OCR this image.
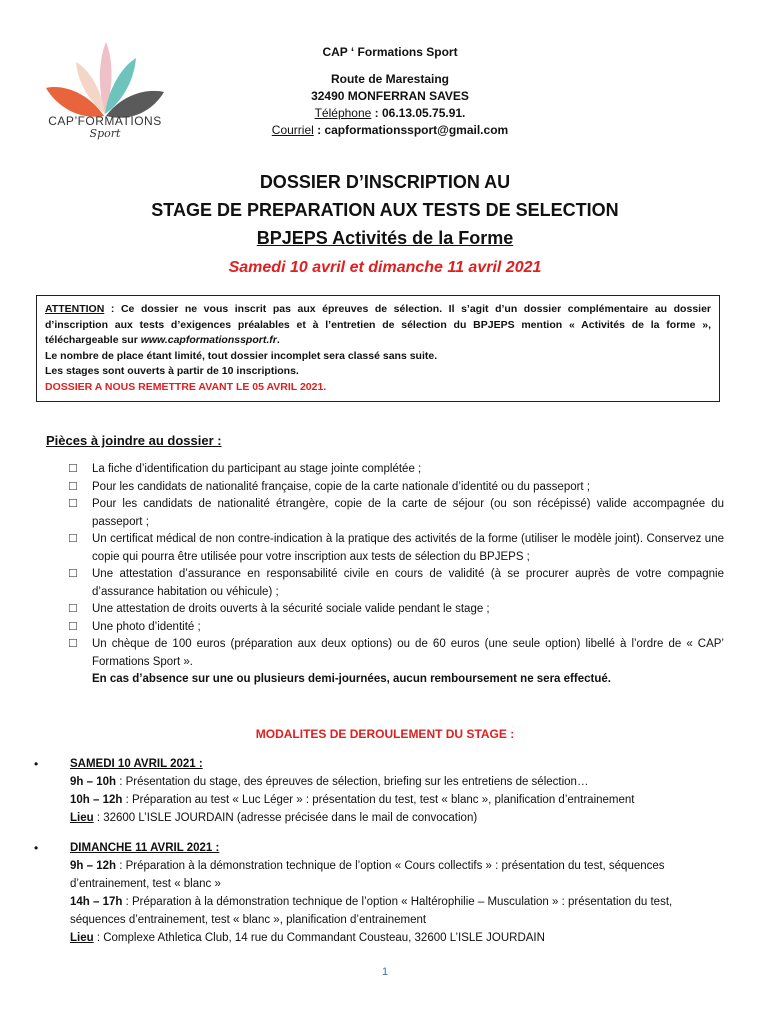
CAP’FORMATIONS
Sport
CAP ‘ Formations Sport
Route de Marestaing
32490 MONFERRAN SAVES
Téléphone : 06.13.05.75.91.
Courriel : capformationssport@gmail.com
DOSSIER D’INSCRIPTION AU
STAGE DE PREPARATION AUX TESTS DE SELECTION
BPJEPS Activités de la Forme
Samedi 10 avril et dimanche 11 avril 2021
ATTENTION : Ce dossier ne vous inscrit pas aux épreuves de sélection. Il s’agit d’un dossier complémentaire au dossier d’inscription aux tests d’exigences préalables et à l’entretien de sélection du BPJEPS mention « Activités de la forme », téléchargeable sur www.capformationssport.fr.
Le nombre de place étant limité, tout dossier incomplet sera classé sans suite.
Les stages sont ouverts à partir de 10 inscriptions.
DOSSIER A NOUS REMETTRE AVANT LE 05 AVRIL 2021.
Pièces à joindre au dossier :
☐	La fiche d’identification du participant au stage jointe complétée ;
☐	Pour les candidats de nationalité française, copie de la carte nationale d’identité ou du passeport ;
☐	Pour les candidats de nationalité étrangère, copie de la carte de séjour (ou son récépissé) valide accompagnée du passeport ;
☐	Un certificat médical de non contre-indication à la pratique des activités de la forme (utiliser le modèle joint). Conservez une copie qui pourra être utilisée pour votre inscription aux tests de sélection du BPJEPS ;
☐	Une attestation d’assurance en responsabilité civile en cours de validité (à se procurer auprès de votre compagnie d’assurance habitation ou véhicule) ;
☐	Une attestation de droits ouverts à la sécurité sociale valide pendant le stage ;
☐	Une photo d’identité ;
☐	Un chèque de 100 euros (préparation aux deux options) ou de 60 euros (une seule option) libellé à l’ordre de « CAP’ Formations Sport ».
En cas d’absence sur une ou plusieurs demi-journées, aucun remboursement ne sera effectué.
MODALITES DE DEROULEMENT DU STAGE :
•	SAMEDI 10 AVRIL 2021 :
9h – 10h : Présentation du stage, des épreuves de sélection, briefing sur les entretiens de sélection…
10h – 12h : Préparation au test « Luc Léger » : présentation du test, test « blanc », planification d’entrainement
Lieu : 32600 L’ISLE JOURDAIN (adresse précisée dans le mail de convocation)
•	DIMANCHE 11 AVRIL 2021 :
9h – 12h : Préparation à la démonstration technique de l’option « Cours collectifs » : présentation du test, séquences d’entrainement, test « blanc »
14h – 17h : Préparation à la démonstration technique de l’option « Haltérophilie – Musculation » : présentation du test, séquences d’entrainement, test « blanc », planification d’entrainement
Lieu : Complexe Athletica Club, 14 rue du Commandant Cousteau, 32600 L’ISLE JOURDAIN
1
